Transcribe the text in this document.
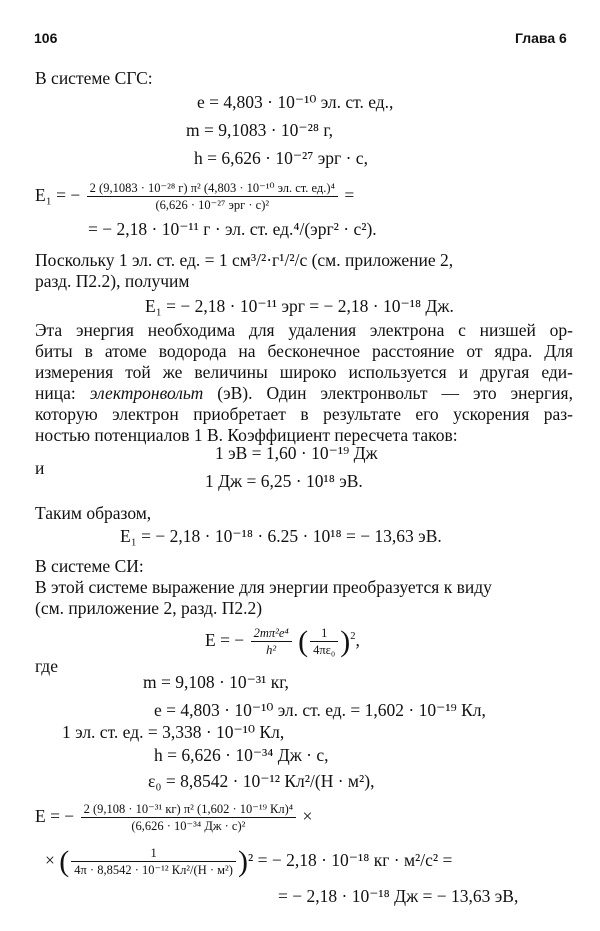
106	Глава 6
В системе СГС:
e = 4,803 · 10⁻¹⁰ эл. ст. ед.,
m = 9,1083 · 10⁻²⁸ г,
h = 6,626 · 10⁻²⁷ эрг · с,
E₁ = − $\frac{\text{2 (9,1083 · 10⁻²⁸ г) π² (4,803 · 10⁻¹⁰ эл. ст. ед.)⁴}}{\text{(6,626 · 10⁻²⁷ эрг · с)²}}$ =
= − 2,18 · 10⁻¹¹ г · эл. ст. ед.⁴/(эрг² · с²).
Поскольку 1 эл. ст. ед. = 1 см³/²·г¹/²/с (см. приложение 2,
разд. П2.2), получим
E₁ = − 2,18 · 10⁻¹¹ эрг = − 2,18 · 10⁻¹⁸ Дж.
Эта энергия необходима для удаления электрона с низшей ор-
биты в атоме водорода на бесконечное расстояние от ядра. Для
измерения той же величины широко используется и другая еди-
ница: электронвольт (эВ). Один электронвольт — это энергия,
которую электрон приобретает в результате его ускорения раз-
ностью потенциалов 1 В. Коэффициент пересчета таков:
1 эВ = 1,60 · 10⁻¹⁹ Дж
и
1 Дж = 6,25 · 10¹⁸ эВ.
Таким образом,
E₁ = − 2,18 · 10⁻¹⁸ · 6.25 · 10¹⁸ = − 13,63 эВ.
В системе СИ:
В этой системе выражение для энергии преобразуется к виду
(см. приложение 2, разд. П2.2)
E = − $\frac{\text{2mπ²e⁴}}{\text{h²}}$ ( $\frac{1}{\text{4πε₀}} )^2$,
где
m = 9,108 · 10⁻³¹ кг,
e = 4,803 · 10⁻¹⁰ эл. ст. ед. = 1,602 · 10⁻¹⁹ Кл,
1 эл. ст. ед. = 3,338 · 10⁻¹⁰ Кл,
h = 6,626 · 10⁻³⁴ Дж · с,
ε₀ = 8,8542 · 10⁻¹² Кл²/(Н · м²),
E = − $\frac{\text{2 (9,108 · 10⁻³¹ кг) π² (1,602 · 10⁻¹⁹ Кл)⁴}}{\text{(6,626 · 10⁻³⁴ Дж · с)²}}$ ×
× ( $\frac{1}{\text{4π · 8,8542 · 10⁻¹² Кл²/(Н · м²)}} )^2$ = − 2,18 · 10⁻¹⁸ кг · м²/с² =
= − 2,18 · 10⁻¹⁸ Дж = − 13,63 эВ,
